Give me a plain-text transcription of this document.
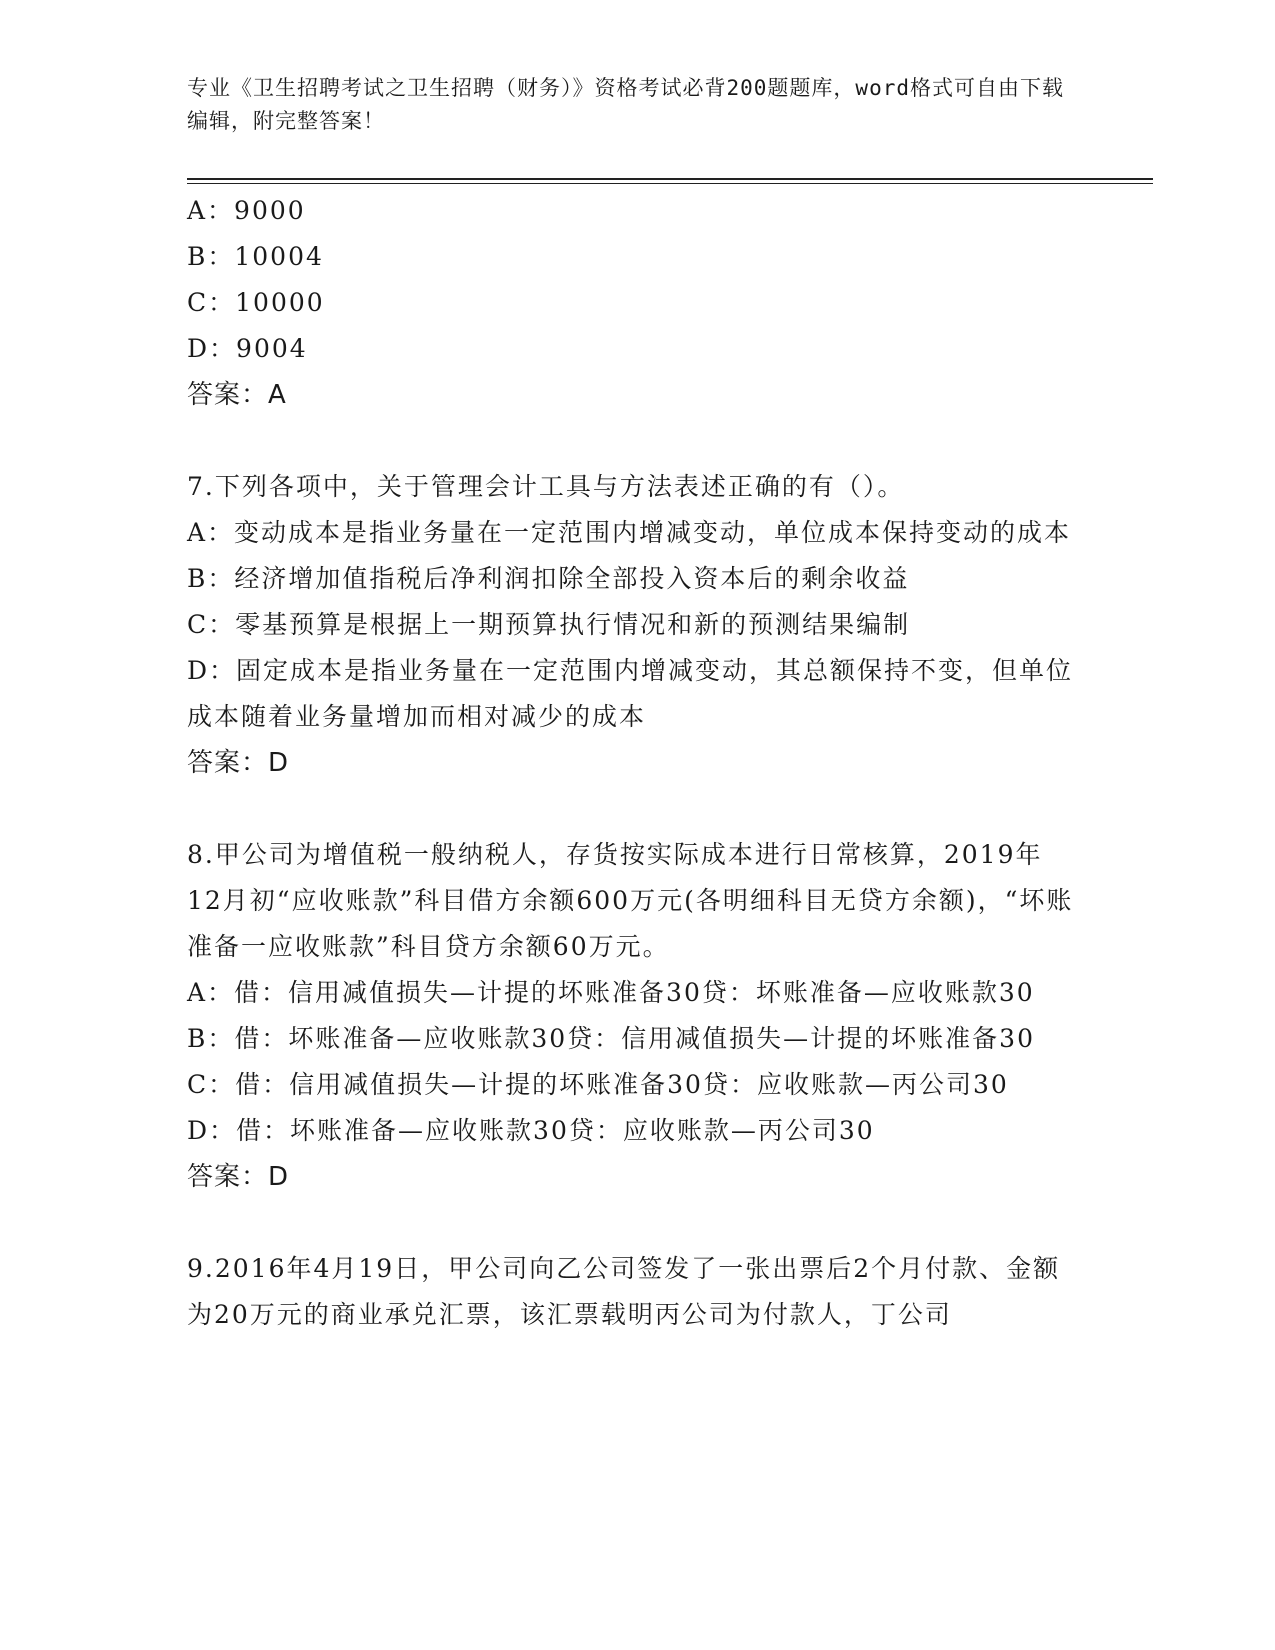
专业《卫生招聘考试之卫生招聘（财务）》资格考试必背200题题库，word格式可自由下载编辑，附完整答案！

A：9000

B：10004

C：10000

D：9004

答案：A

7.下列各项中，关于管理会计工具与方法表述正确的有（）。

A：变动成本是指业务量在一定范围内增减变动，单位成本保持变动的成本

B：经济增加值指税后净利润扣除全部投入资本后的剩余收益

C：零基预算是根据上一期预算执行情况和新的预测结果编制

D：固定成本是指业务量在一定范围内增减变动，其总额保持不变，但单位成本随着业务量增加而相对减少的成本

答案：D

8.甲公司为增值税一般纳税人，存货按实际成本进行日常核算，2019年12月初“应收账款”科目借方余额600万元(各明细科目无贷方余额)，“坏账准备一应收账款”科目贷方余额60万元。

A：借：信用减值损失—计提的坏账准备30贷：坏账准备—应收账款30

B：借：坏账准备—应收账款30贷：信用减值损失—计提的坏账准备30

C：借：信用减值损失—计提的坏账准备30贷：应收账款—丙公司30

D：借：坏账准备—应收账款30贷：应收账款—丙公司30

答案：D

9.2016年4月19日，甲公司向乙公司签发了一张出票后2个月付款、金额为20万元的商业承兑汇票，该汇票载明丙公司为付款人，丁公司
